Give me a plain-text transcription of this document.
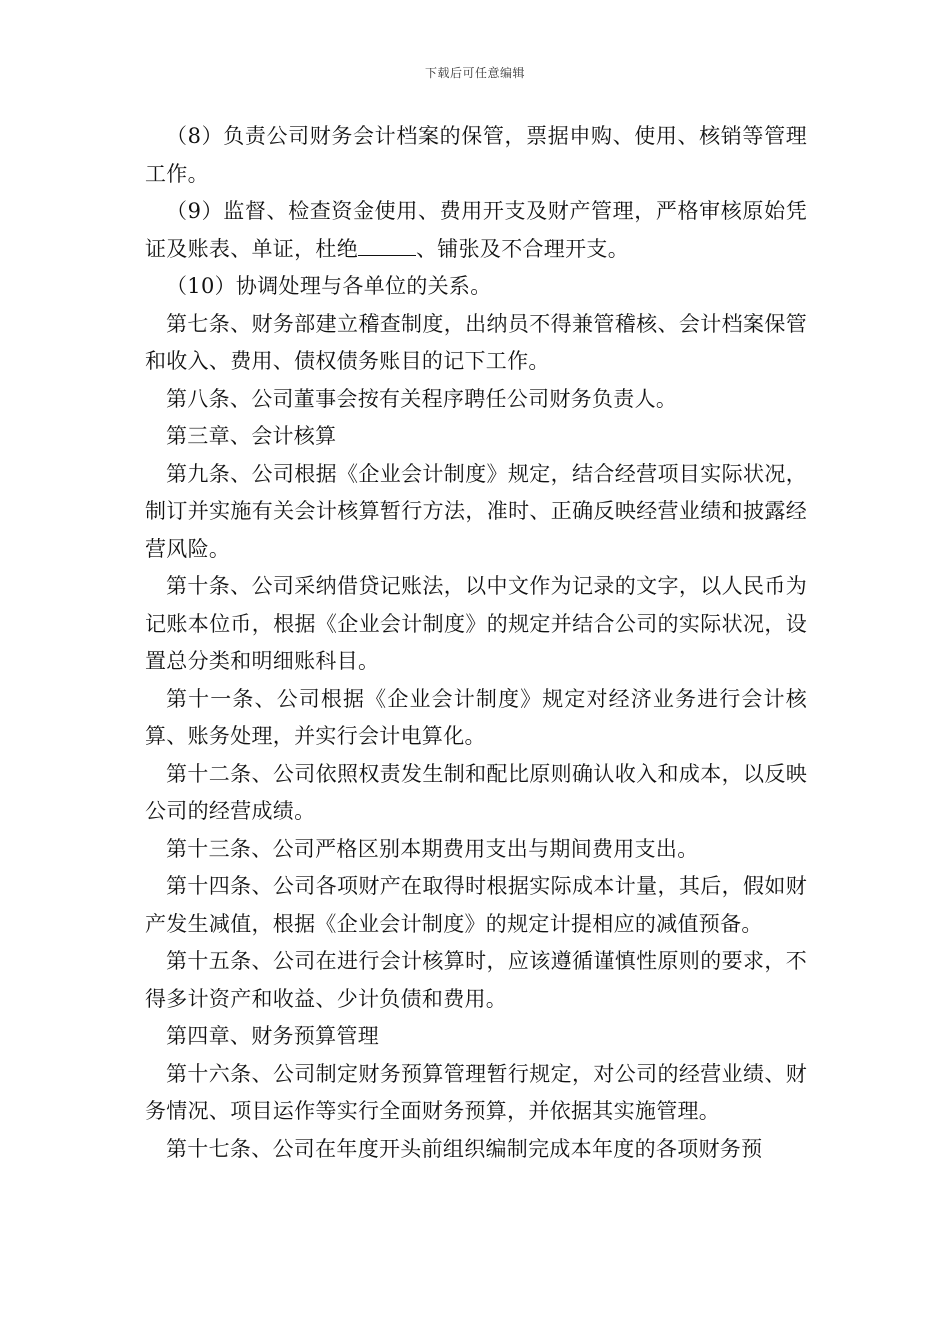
下载后可任意编辑

（8）负责公司财务会计档案的保管，票据申购、使用、核销等管理工作。

（9）监督、检查资金使用、费用开支及财产管理，严格审核原始凭证及账表、单证，杜绝	、铺张及不合理开支。

（10）协调处理与各单位的关系。

第七条、财务部建立稽查制度，出纳员不得兼管稽核、会计档案保管和收入、费用、债权债务账目的记下工作。

第八条、公司董事会按有关程序聘任公司财务负责人。

第三章、会计核算

第九条、公司根据《企业会计制度》规定，结合经营项目实际状况，制订并实施有关会计核算暂行方法，准时、正确反映经营业绩和披露经营风险。

第十条、公司采纳借贷记账法，以中文作为记录的文字，以人民币为记账本位币，根据《企业会计制度》的规定并结合公司的实际状况，设置总分类和明细账科目。

第十一条、公司根据《企业会计制度》规定对经济业务进行会计核算、账务处理，并实行会计电算化。

第十二条、公司依照权责发生制和配比原则确认收入和成本，以反映公司的经营成绩。

第十三条、公司严格区别本期费用支出与期间费用支出。

第十四条、公司各项财产在取得时根据实际成本计量，其后，假如财产发生减值，根据《企业会计制度》的规定计提相应的减值预备。

第十五条、公司在进行会计核算时，应该遵循谨慎性原则的要求，不得多计资产和收益、少计负债和费用。

第四章、财务预算管理

第十六条、公司制定财务预算管理暂行规定，对公司的经营业绩、财务情况、项目运作等实行全面财务预算，并依据其实施管理。

第十七条、公司在年度开头前组织编制完成本年度的各项财务预
